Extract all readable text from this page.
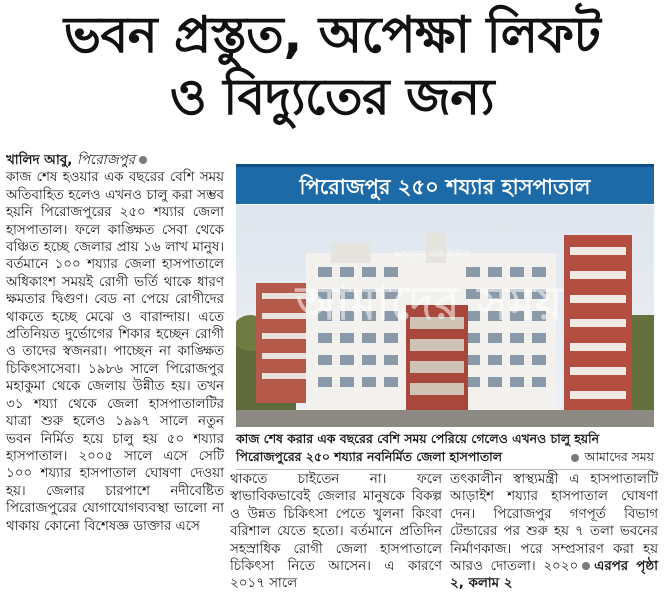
ভবন প্রস্তুত, অপেক্ষা লিফট
ও বিদ্যুতের জন্য
খালিদ আবু, পিরোজপুর

কাজ শেষ হওয়ার এক বছরের বেশি সময় অতিবাহিত হলেও এখনও চালু করা সম্ভব হয়নি পিরোজপুরের ২৫০ শয্যার জেলা হাসপাতাল। ফলে কাঙ্ক্ষিত সেবা থেকে বঞ্চিত হচ্ছে জেলার প্রায় ১৬ লাখ মানুষ। বর্তমানে ১০০ শয্যার জেলা হাসপাতালে অধিকাংশ সময়ই রোগী ভর্তি থাকে ধারণ ক্ষমতার দ্বিগুণ। বেড না পেয়ে রোগীদের থাকতে হচ্ছে মেঝে ও বারান্দায়। এতে প্রতিনিয়ত দুর্ভোগের শিকার হচ্ছেন রোগী ও তাদের স্বজনরা। পাচ্ছেন না কাঙ্ক্ষিত চিকিৎসাসেবা। ১৯৮৬ সালে পিরোজপুর মহাকুমা থেকে জেলায় উন্নীত হয়। তখন ৩১ শয্যা থেকে জেলা হাসপাতালটির যাত্রা শুরু হলেও ১৯৯৭ সালে নতুন ভবন নির্মিত হয়ে চালু হয় ৫০ শয্যার হাসপাতাল। ২০০৫ সালে এসে সেটি ১০০ শয্যার হাসপাতাল ঘোষণা দেওয়া হয়। জেলার চারপাশে নদীবেষ্টিত পিরোজপুরের যোগাযোগব্যবস্থা ভালো না থাকায় কোনো বিশেষজ্ঞ ডাক্তার এসে

পিরোজপুর ২৫০ শয্যার হাসপাতাল
আমাদের সময় দৈনিক
আমাদের সময়
কাজ শেষ করার এক বছরের বেশি সময় পেরিয়ে গেলেও এখনও চালু হয়নি পিরোজপুরের ২৫০ শয্যার নবনির্মিত জেলা হাসপাতাল	আমাদের সময়

থাকতে চাইতেন না। ফলে স্বাভাবিকভাবেই জেলার মানুষকে বিকল্প ও উন্নত চিকিৎসা পেতে খুলনা কিংবা বরিশাল যেতে হতো। বর্তমানে প্রতিদিন সহস্রাধিক রোগী জেলা হাসপাতালে চিকিৎসা নিতে আসেন। এ কারণে ২০১৭ সালে

তৎকালীন স্বাস্থ্যমন্ত্রী এ হাসপাতালটি আড়াইশ শয্যার হাসপাতাল ঘোষণা দেন। পিরোজপুর গণপূর্ত বিভাগ টেন্ডারের পর শুরু হয় ৭ তলা ভবনের নির্মাণকাজ। পরে সম্প্রসারণ করা হয় আরও দোতলা। ২০২০ এরপর পৃষ্ঠা ২, কলাম ২
